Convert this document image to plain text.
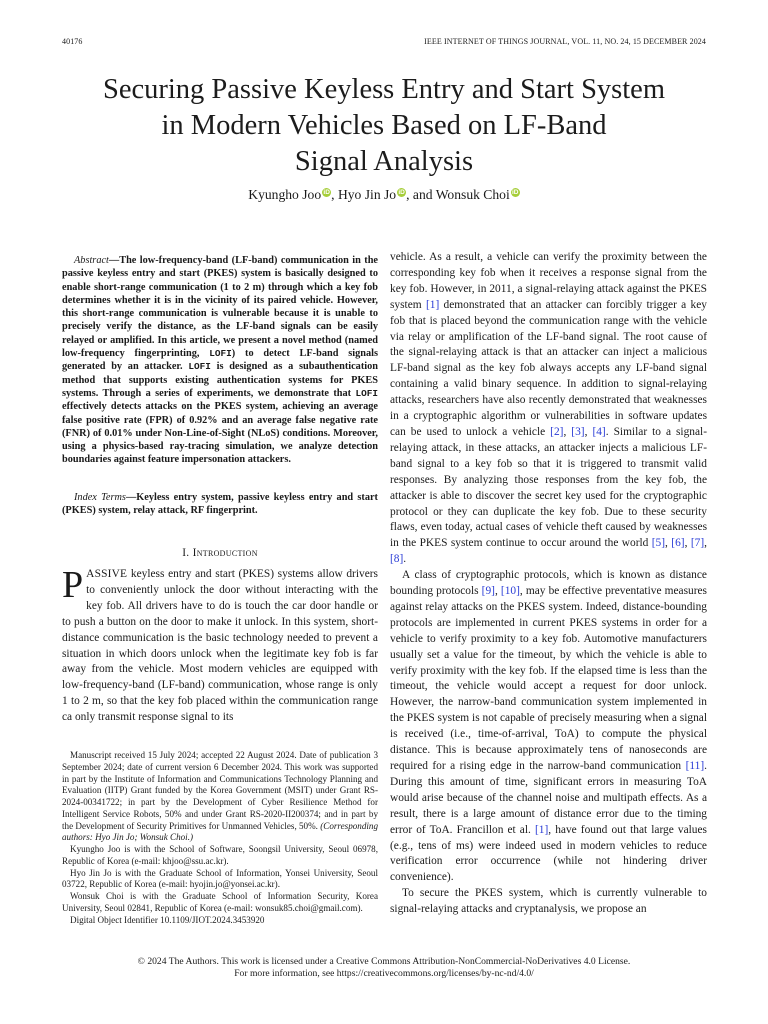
40176	IEEE INTERNET OF THINGS JOURNAL, VOL. 11, NO. 24, 15 DECEMBER 2024
Securing Passive Keyless Entry and Start System
in Modern Vehicles Based on LF-Band
Signal Analysis
Kyungho Joo iD, Hyo Jin Jo iD, and Wonsuk Choi iD
Abstract—The low-frequency-band (LF-band) communication in the passive keyless entry and start (PKES) system is basically designed to enable short-range communication (1 to 2 m) through which a key fob determines whether it is in the vicinity of its paired vehicle. However, this short-range communication is vulnerable because it is unable to precisely verify the distance, as the LF-band signals can be easily relayed or amplified. In this article, we present a novel method (named low-frequency fingerprinting, LOFI) to detect LF-band signals generated by an attacker. LOFI is designed as a subauthentication method that supports existing authentication systems for PKES systems. Through a series of experiments, we demonstrate that LOFI effectively detects attacks on the PKES system, achieving an average false positive rate (FPR) of 0.92% and an average false negative rate (FNR) of 0.01% under Non-Line-of-Sight (NLoS) conditions. Moreover, using a physics-based ray-tracing simulation, we analyze detection boundaries against feature impersonation attackers.
Index Terms—Keyless entry system, passive keyless entry and start (PKES) system, relay attack, RF fingerprint.
I. Introduction
PASSIVE keyless entry and start (PKES) systems allow drivers to conveniently unlock the door without interacting with the key fob. All drivers have to do is touch the car door handle or to push a button on the door to make it unlock. In this system, short-distance communication is the basic technology needed to prevent a situation in which doors unlock when the legitimate key fob is far away from the vehicle. Most modern vehicles are equipped with low-frequency-band (LF-band) communication, whose range is only 1 to 2 m, so that the key fob placed within the communication range ca only transmit response signal to its

Manuscript received 15 July 2024; accepted 22 August 2024. Date of publication 3 September 2024; date of current version 6 December 2024. This work was supported in part by the Institute of Information and Communications Technology Planning and Evaluation (IITP) Grant funded by the Korea Government (MSIT) under Grant RS-2024-00341722; in part by the Development of Cyber Resilience Method for Intelligent Service Robots, 50% and under Grant RS-2020-II200374; and in part by the Development of Security Primitives for Unmanned Vehicles, 50%. (Corresponding authors: Hyo Jin Jo; Wonsuk Choi.)

Kyungho Joo is with the School of Software, Soongsil University, Seoul 06978, Republic of Korea (e-mail: khjoo@ssu.ac.kr).

Hyo Jin Jo is with the Graduate School of Information, Yonsei University, Seoul 03722, Republic of Korea (e-mail: hyojin.jo@yonsei.ac.kr).

Wonsuk Choi is with the Graduate School of Information Security, Korea University, Seoul 02841, Republic of Korea (e-mail: wonsuk85.choi@gmail.com).

Digital Object Identifier 10.1109/JIOT.2024.3453920

vehicle. As a result, a vehicle can verify the proximity between the corresponding key fob when it receives a response signal from the key fob. However, in 2011, a signal-relaying attack against the PKES system [1] demonstrated that an attacker can forcibly trigger a key fob that is placed beyond the communication range with the vehicle via relay or amplification of the LF-band signal. The root cause of the signal-relaying attack is that an attacker can inject a malicious LF-band signal as the key fob always accepts any LF-band signal containing a valid binary sequence. In addition to signal-relaying attacks, researchers have also recently demonstrated that weaknesses in a cryptographic algorithm or vulnerabilities in software updates can be used to unlock a vehicle [2], [3], [4]. Similar to a signal-relaying attack, in these attacks, an attacker injects a malicious LF-band signal to a key fob so that it is triggered to transmit valid responses. By analyzing those responses from the key fob, the attacker is able to discover the secret key used for the cryptographic protocol or they can duplicate the key fob. Due to these security flaws, even today, actual cases of vehicle theft caused by weaknesses in the PKES system continue to occur around the world [5], [6], [7], [8].

A class of cryptographic protocols, which is known as distance bounding protocols [9], [10], may be effective preventative measures against relay attacks on the PKES system. Indeed, distance-bounding protocols are implemented in current PKES systems in order for a vehicle to verify proximity to a key fob. Automotive manufacturers usually set a value for the timeout, by which the vehicle is able to verify proximity with the key fob. If the elapsed time is less than the timeout, the vehicle would accept a request for door unlock. However, the narrow-band communication system implemented in the PKES system is not capable of precisely measuring when a signal is received (i.e., time-of-arrival, ToA) to compute the physical distance. This is because approximately tens of nanoseconds are required for a rising edge in the narrow-band communication [11]. During this amount of time, significant errors in measuring ToA would arise because of the channel noise and multipath effects. As a result, there is a large amount of distance error due to the timing error of ToA. Francillon et al. [1], have found out that large values (e.g., tens of ms) were indeed used in modern vehicles to reduce verification error occurrence (while not hindering driver convenience).

To secure the PKES system, which is currently vulnerable to signal-relaying attacks and cryptanalysis, we propose an

© 2024 The Authors. This work is licensed under a Creative Commons Attribution-NonCommercial-NoDerivatives 4.0 License.
For more information, see https://creativecommons.org/licenses/by-nc-nd/4.0/
